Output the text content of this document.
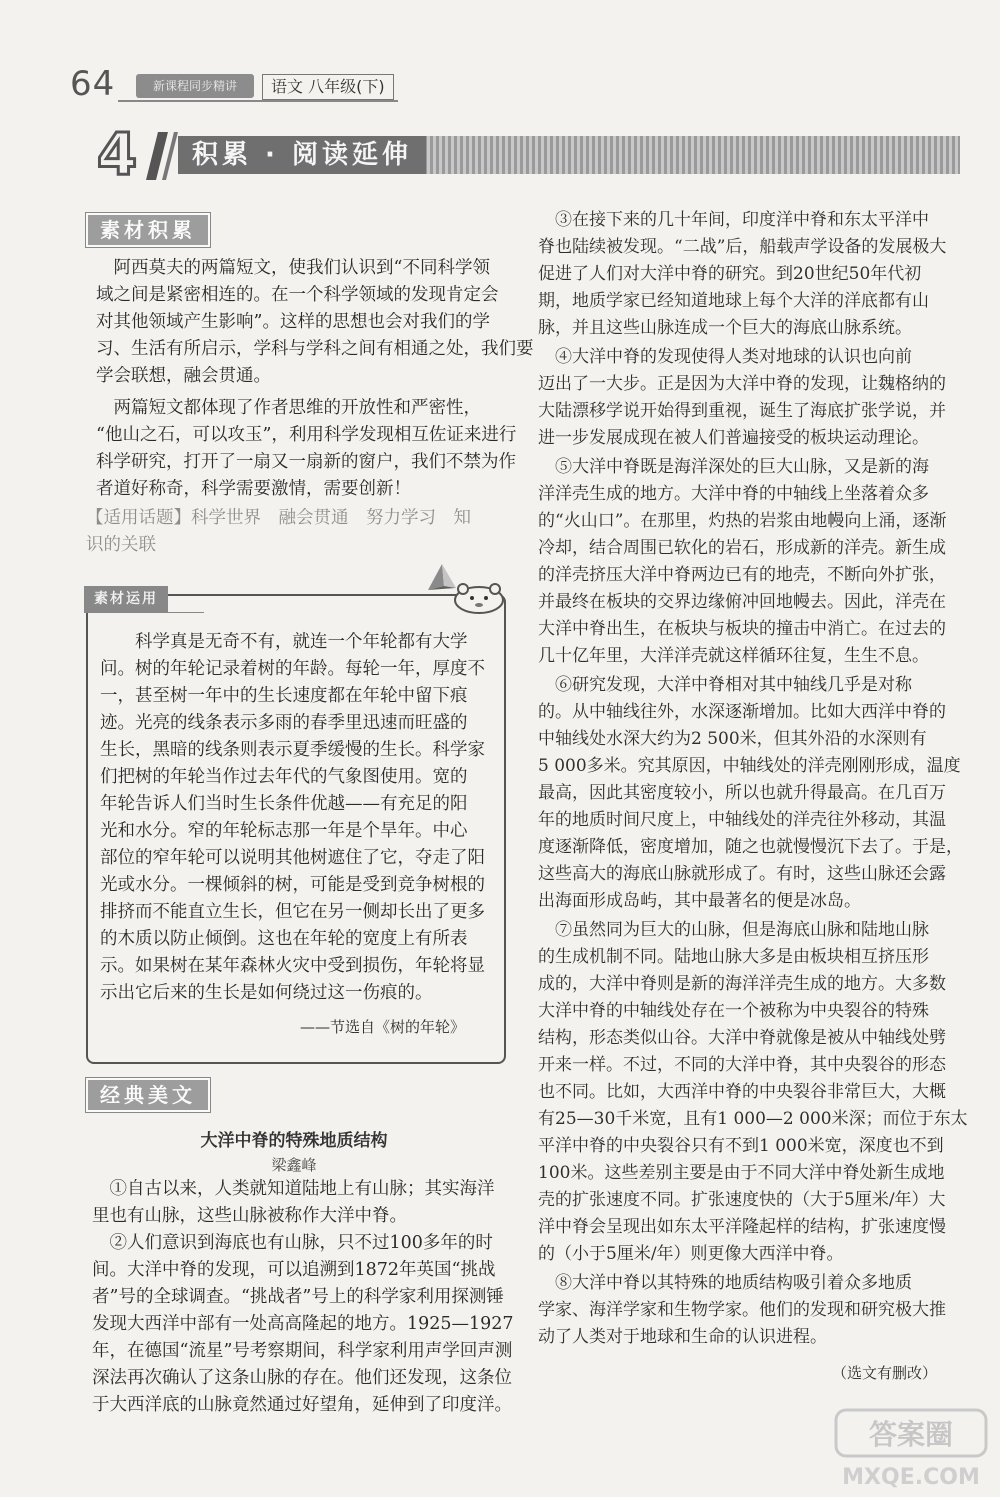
64	新课程同步精讲	语文 八年级(下)
4	积累 · 阅读延伸
素材积累
　阿西莫夫的两篇短文，使我们认识到“不同科学领
域之间是紧密相连的。在一个科学领域的发现肯定会
对其他领域产生影响”。这样的思想也会对我们的学
习、生活有所启示，学科与学科之间有相通之处，我们要
学会联想，融会贯通。
　两篇短文都体现了作者思维的开放性和严密性，
“他山之石，可以攻玉”，利用科学发现相互佐证来进行
科学研究，打开了一扇又一扇新的窗户，我们不禁为作
者道好称奇，科学需要激情，需要创新！
【适用话题】科学世界　融会贯通　努力学习　知
识的关联
素材运用
　　科学真是无奇不有，就连一个年轮都有大学
问。树的年轮记录着树的年龄。每轮一年，厚度不
一，甚至树一年中的生长速度都在年轮中留下痕
迹。光亮的线条表示多雨的春季里迅速而旺盛的
生长，黑暗的线条则表示夏季缓慢的生长。科学家
们把树的年轮当作过去年代的气象图使用。宽的
年轮告诉人们当时生长条件优越——有充足的阳
光和水分。窄的年轮标志那一年是个旱年。中心
部位的窄年轮可以说明其他树遮住了它，夺走了阳
光或水分。一棵倾斜的树，可能是受到竞争树根的
排挤而不能直立生长，但它在另一侧却长出了更多
的木质以防止倾倒。这也在年轮的宽度上有所表
示。如果树在某年森林火灾中受到损伤，年轮将显
示出它后来的生长是如何绕过这一伤痕的。
——节选自《树的年轮》
经典美文
大洋中脊的特殊地质结构
梁鑫峰
　①自古以来，人类就知道陆地上有山脉；其实海洋
里也有山脉，这些山脉被称作大洋中脊。
　②人们意识到海底也有山脉，只不过100多年的时
间。大洋中脊的发现，可以追溯到1872年英国“挑战
者”号的全球调查。“挑战者”号上的科学家利用探测锤
发现大西洋中部有一处高高隆起的地方。1925—1927
年，在德国“流星”号考察期间，科学家利用声学回声测
深法再次确认了这条山脉的存在。他们还发现，这条位
于大西洋底的山脉竟然通过好望角，延伸到了印度洋。
　③在接下来的几十年间，印度洋中脊和东太平洋中
脊也陆续被发现。“二战”后，船载声学设备的发展极大
促进了人们对大洋中脊的研究。到20世纪50年代初
期，地质学家已经知道地球上每个大洋的洋底都有山
脉，并且这些山脉连成一个巨大的海底山脉系统。
　④大洋中脊的发现使得人类对地球的认识也向前
迈出了一大步。正是因为大洋中脊的发现，让魏格纳的
大陆漂移学说开始得到重视，诞生了海底扩张学说，并
进一步发展成现在被人们普遍接受的板块运动理论。
　⑤大洋中脊既是海洋深处的巨大山脉，又是新的海
洋洋壳生成的地方。大洋中脊的中轴线上坐落着众多
的“火山口”。在那里，灼热的岩浆由地幔向上涌，逐渐
冷却，结合周围已软化的岩石，形成新的洋壳。新生成
的洋壳挤压大洋中脊两边已有的地壳，不断向外扩张，
并最终在板块的交界边缘俯冲回地幔去。因此，洋壳在
大洋中脊出生，在板块与板块的撞击中消亡。在过去的
几十亿年里，大洋洋壳就这样循环往复，生生不息。
　⑥研究发现，大洋中脊相对其中轴线几乎是对称
的。从中轴线往外，水深逐渐增加。比如大西洋中脊的
中轴线处水深大约为2 500米，但其外沿的水深则有
5 000多米。究其原因，中轴线处的洋壳刚刚形成，温度
最高，因此其密度较小，所以也就升得最高。在几百万
年的地质时间尺度上，中轴线处的洋壳往外移动，其温
度逐渐降低，密度增加，随之也就慢慢沉下去了。于是，
这些高大的海底山脉就形成了。有时，这些山脉还会露
出海面形成岛屿，其中最著名的便是冰岛。
　⑦虽然同为巨大的山脉，但是海底山脉和陆地山脉
的生成机制不同。陆地山脉大多是由板块相互挤压形
成的，大洋中脊则是新的海洋洋壳生成的地方。大多数
大洋中脊的中轴线处存在一个被称为中央裂谷的特殊
结构，形态类似山谷。大洋中脊就像是被从中轴线处劈
开来一样。不过，不同的大洋中脊，其中央裂谷的形态
也不同。比如，大西洋中脊的中央裂谷非常巨大，大概
有25—30千米宽，且有1 000—2 000米深；而位于东太
平洋中脊的中央裂谷只有不到1 000米宽，深度也不到
100米。这些差别主要是由于不同大洋中脊处新生成地
壳的扩张速度不同。扩张速度快的（大于5厘米/年）大
洋中脊会呈现出如东太平洋隆起样的结构，扩张速度慢
的（小于5厘米/年）则更像大西洋中脊。
　⑧大洋中脊以其特殊的地质结构吸引着众多地质
学家、海洋学家和生物学家。他们的发现和研究极大推
动了人类对于地球和生命的认识进程。
（选文有删改）
答案圈
MXQE.COM
